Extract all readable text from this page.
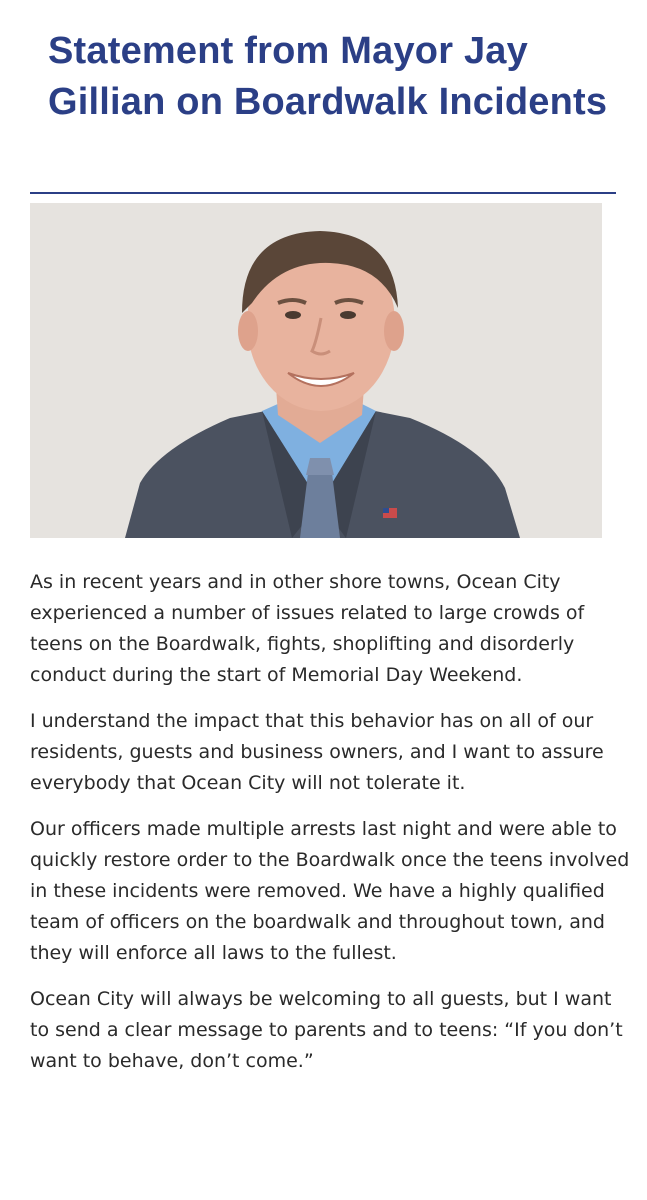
Statement from Mayor Jay Gillian on Boardwalk Incidents

As in recent years and in other shore towns, Ocean City experienced a number of issues related to large crowds of teens on the Boardwalk, fights, shoplifting and disorderly conduct during the start of Memorial Day Weekend.

I understand the impact that this behavior has on all of our residents, guests and business owners, and I want to assure everybody that Ocean City will not tolerate it.

Our officers made multiple arrests last night and were able to quickly restore order to the Boardwalk once the teens involved in these incidents were removed. We have a highly qualified team of officers on the boardwalk and throughout town, and they will enforce all laws to the fullest.

Ocean City will always be welcoming to all guests, but I want to send a clear message to parents and to teens: “If you don’t want to behave, don’t come.”
